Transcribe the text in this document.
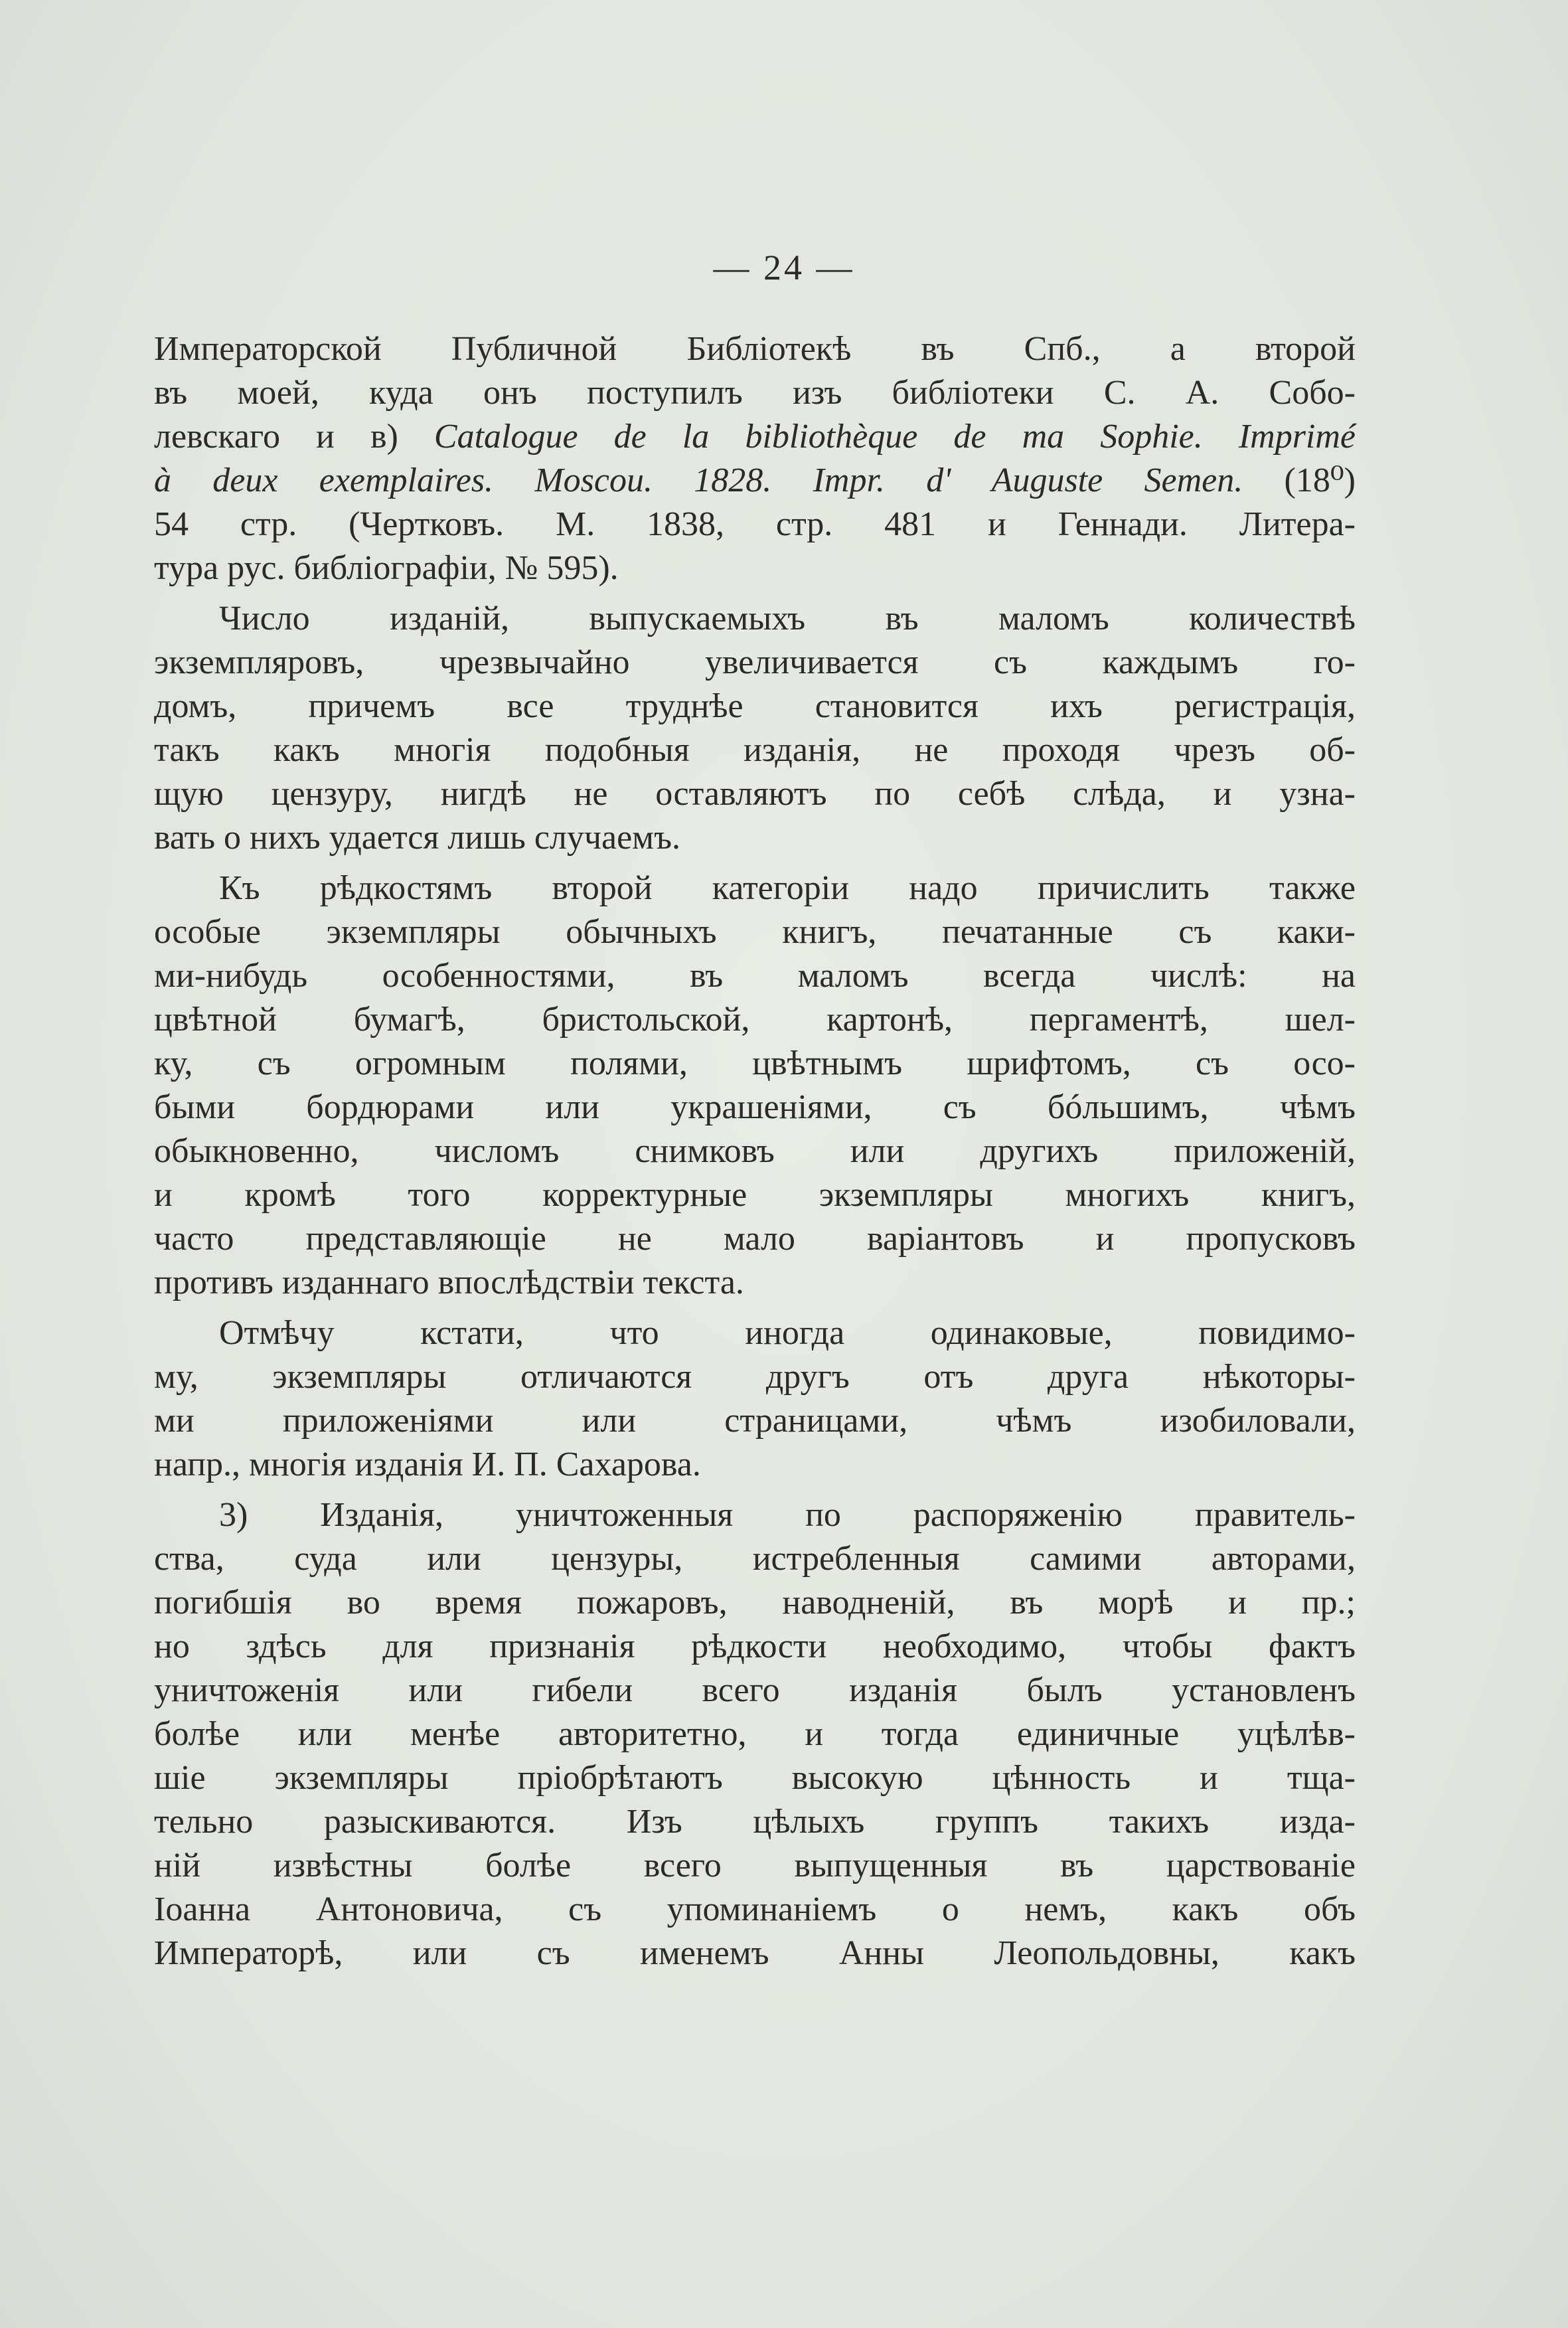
— 24 —
Императорской Публичной Библіотекѣ въ Спб., а второй
въ моей, куда онъ поступилъ изъ библіотеки С. А. Собо-
левскаго и в) Catalogue de la bibliothèque de ma Sophie. Imprimé
à deux exemplaires. Moscou. 1828. Impr. d' Auguste Semen. (18⁰)
54 стр. (Чертковъ. М. 1838, стр. 481 и Геннади. Литера-
тура рус. библіографіи, № 595).
Число изданій, выпускаемыхъ въ маломъ количествѣ
экземпляровъ, чрезвычайно увеличивается съ каждымъ го-
домъ, причемъ все труднѣе становится ихъ регистрація,
такъ какъ многія подобныя изданія, не проходя чрезъ об-
щую цензуру, нигдѣ не оставляютъ по себѣ слѣда, и узна-
вать о нихъ удается лишь случаемъ.
Къ рѣдкостямъ второй категоріи надо причислить также
особые экземпляры обычныхъ книгъ, печатанные съ каки-
ми-нибудь особенностями, въ маломъ всегда числѣ: на
цвѣтной бумагѣ, бристольской, картонѣ, пергаментѣ, шел-
ку, съ огромным полями, цвѣтнымъ шрифтомъ, съ осо-
быми бордюрами или украшеніями, съ бóльшимъ, чѣмъ
обыкновенно, числомъ снимковъ или другихъ приложеній,
и кромѣ того корректурные экземпляры многихъ книгъ,
часто представляющіе не мало варіантовъ и пропусковъ
противъ изданнаго впослѣдствіи текста.
Отмѣчу кстати, что иногда одинаковые, повидимо-
му, экземпляры отличаются другъ отъ друга нѣкоторы-
ми приложеніями или страницами, чѣмъ изобиловали,
напр., многія изданія И. П. Сахарова.
3) Изданія, уничтоженныя по распоряженію правитель-
ства, суда или цензуры, истребленныя самими авторами,
погибшія во время пожаровъ, наводненій, въ морѣ и пр.;
но здѣсь для признанія рѣдкости необходимо, чтобы фактъ
уничтоженія или гибели всего изданія былъ установленъ
болѣе или менѣе авторитетно, и тогда единичные уцѣлѣв-
шіе экземпляры пріобрѣтаютъ высокую цѣнность и тща-
тельно разыскиваются. Изъ цѣлыхъ группъ такихъ изда-
ній извѣстны болѣе всего выпущенныя въ царствованіе
Іоанна Антоновича, съ упоминаніемъ о немъ, какъ объ
Императорѣ, или съ именемъ Анны Леопольдовны, какъ
